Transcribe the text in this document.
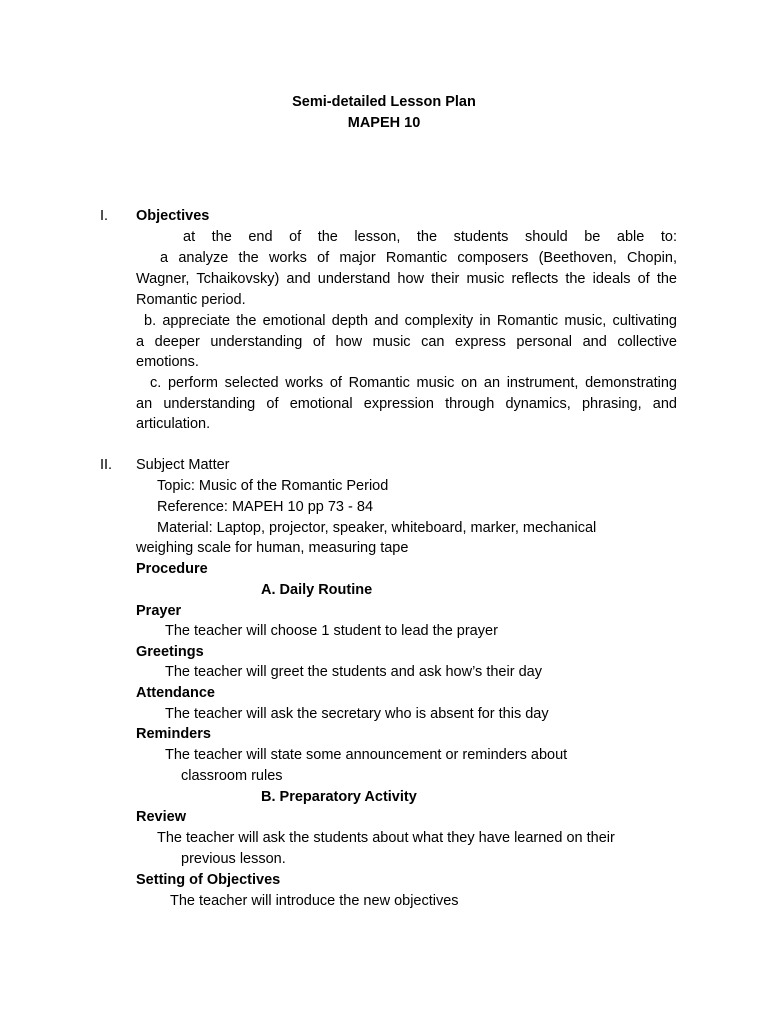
Semi-detailed Lesson Plan
MAPEH 10
I. Objectives
at the end of the lesson, the students should be able to:
a analyze the works of major Romantic composers (Beethoven, Chopin,
Wagner, Tchaikovsky) and understand how their music reflects the ideals of the
Romantic period.
b. appreciate the emotional depth and complexity in Romantic music, cultivating
a deeper understanding of how music can express personal and collective
emotions.
c. perform selected works of Romantic music on an instrument, demonstrating
an understanding of emotional expression through dynamics, phrasing, and
articulation.
II. Subject Matter
Topic: Music of the Romantic Period
Reference: MAPEH 10 pp 73 - 84
Material: Laptop, projector, speaker, whiteboard, marker, mechanical
weighing scale for human, measuring tape
Procedure
A. Daily Routine
Prayer
The teacher will choose 1 student to lead the prayer
Greetings
The teacher will greet the students and ask how’s their day
Attendance
The teacher will ask the secretary who is absent for this day
Reminders
The teacher will state some announcement or reminders about
classroom rules
B. Preparatory Activity
Review
The teacher will ask the students about what they have learned on their
previous lesson.
Setting of Objectives
The teacher will introduce the new objectives
